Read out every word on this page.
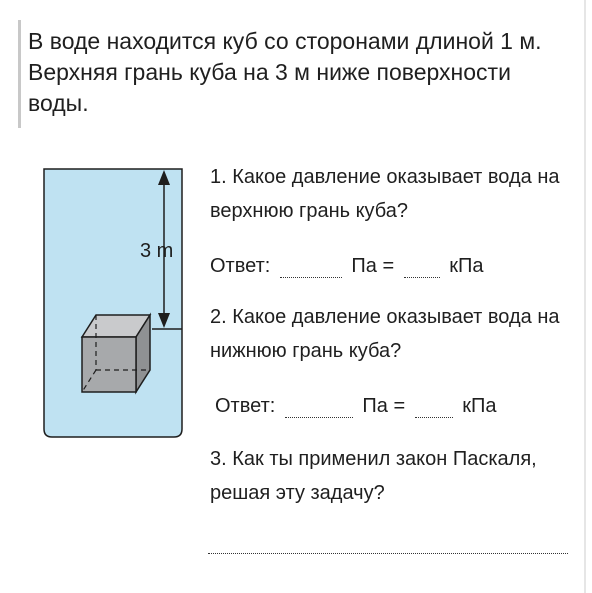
В воде находится куб со сторонами длиной 1 м. Верхняя грань куба на 3 м ниже поверхности воды.

3 m

1. Какое давление оказывает вода на верхнюю грань куба?

Ответ:	Па =	кПа

2. Какое давление оказывает вода на нижнюю грань куба?

Ответ:	Па =	кПа

3. Как ты применил закон Паскаля, решая эту задачу?
